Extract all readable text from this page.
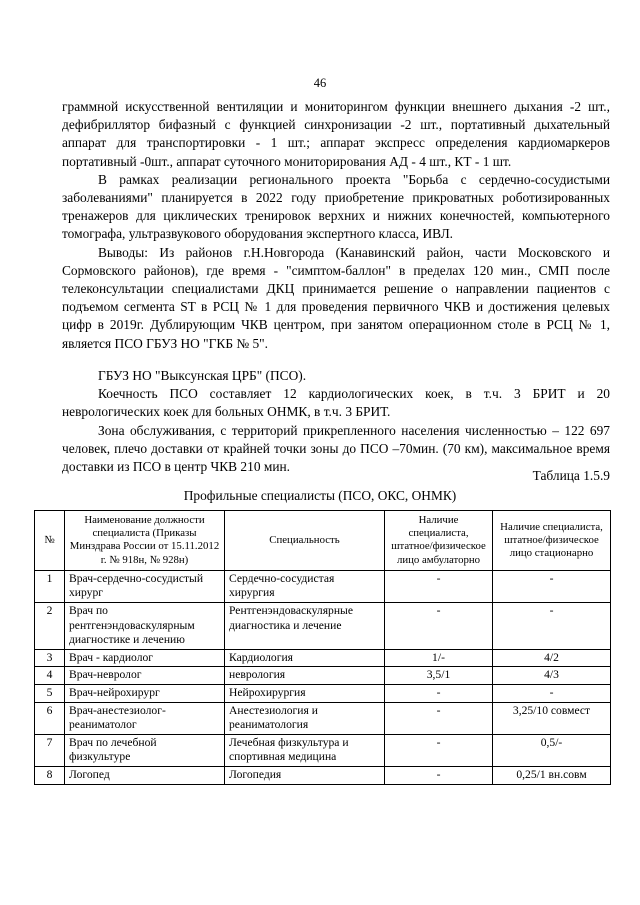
46

граммной искусственной вентиляции и мониторингом функции внешнего дыхания -2 шт., дефибриллятор бифазный с функцией синхронизации -2 шт., портативный дыхательный аппарат для транспортировки - 1 шт.; аппарат экспресс определения кардиомаркеров портативный -0шт., аппарат суточного мониторирования АД - 4 шт., КТ - 1 шт.

В рамках реализации регионального проекта "Борьба с сердечно-сосудистыми заболеваниями" планируется в 2022 году приобретение прикроватных роботизированных тренажеров для циклических тренировок верхних и нижних конечностей, компьютерного томографа, ультразвукового оборудования экспертного класса, ИВЛ.

Выводы: Из районов г.Н.Новгорода (Канавинский район, части Московского и Сормовского районов), где время - "симптом-баллон" в пределах 120 мин., СМП после телеконсультации специалистами ДКЦ принимается решение о направлении пациентов с подъемом сегмента ST в РСЦ № 1 для проведения первичного ЧКВ и достижения целевых цифр в 2019г. Дублирующим ЧКВ центром, при занятом операционном столе в РСЦ № 1, является ПСО ГБУЗ НО "ГКБ № 5".

ГБУЗ НО "Выксунская ЦРБ" (ПСО).

Коечность ПСО составляет 12 кардиологических коек, в т.ч. 3 БРИТ и 20 неврологических коек для больных ОНМК, в т.ч. 3 БРИТ.

Зона обслуживания, с территорий прикрепленного населения численностью – 122 697 человек, плечо доставки от крайней точки зоны до ПСО –70мин. (70 км), максимальное время доставки из ПСО в центр ЧКВ 210 мин.

Таблица 1.5.9
Профильные специалисты (ПСО, ОКС, ОНМК)
№	Наименование должности специалиста (Приказы Минздрава России от 15.11.2012 г. № 918н, № 928н)	Специальность	Наличие специалиста, штатное/физическое лицо амбулаторно	Наличие специалиста, штатное/физическое лицо стационарно
1	Врач-сердечно-сосудистый хирург	Сердечно-сосудистая хирургия	-	-
2	Врач по рентгенэндоваскулярным диагностике и лечению	Рентгенэндоваскулярные диагностика и лечение	-	-
3	Врач - кардиолог	Кардиология	1/-	4/2
4	Врач-невролог	неврология	3,5/1	4/3
5	Врач-нейрохирург	Нейрохирургия	-	-
6	Врач-анестезиолог-реаниматолог	Анестезиология и реаниматология	-	3,25/10 совмест
7	Врач по лечебной физкультуре	Лечебная физкультура и спортивная медицина	-	0,5/-
8	Логопед	Логопедия	-	0,25/1 вн.совм
